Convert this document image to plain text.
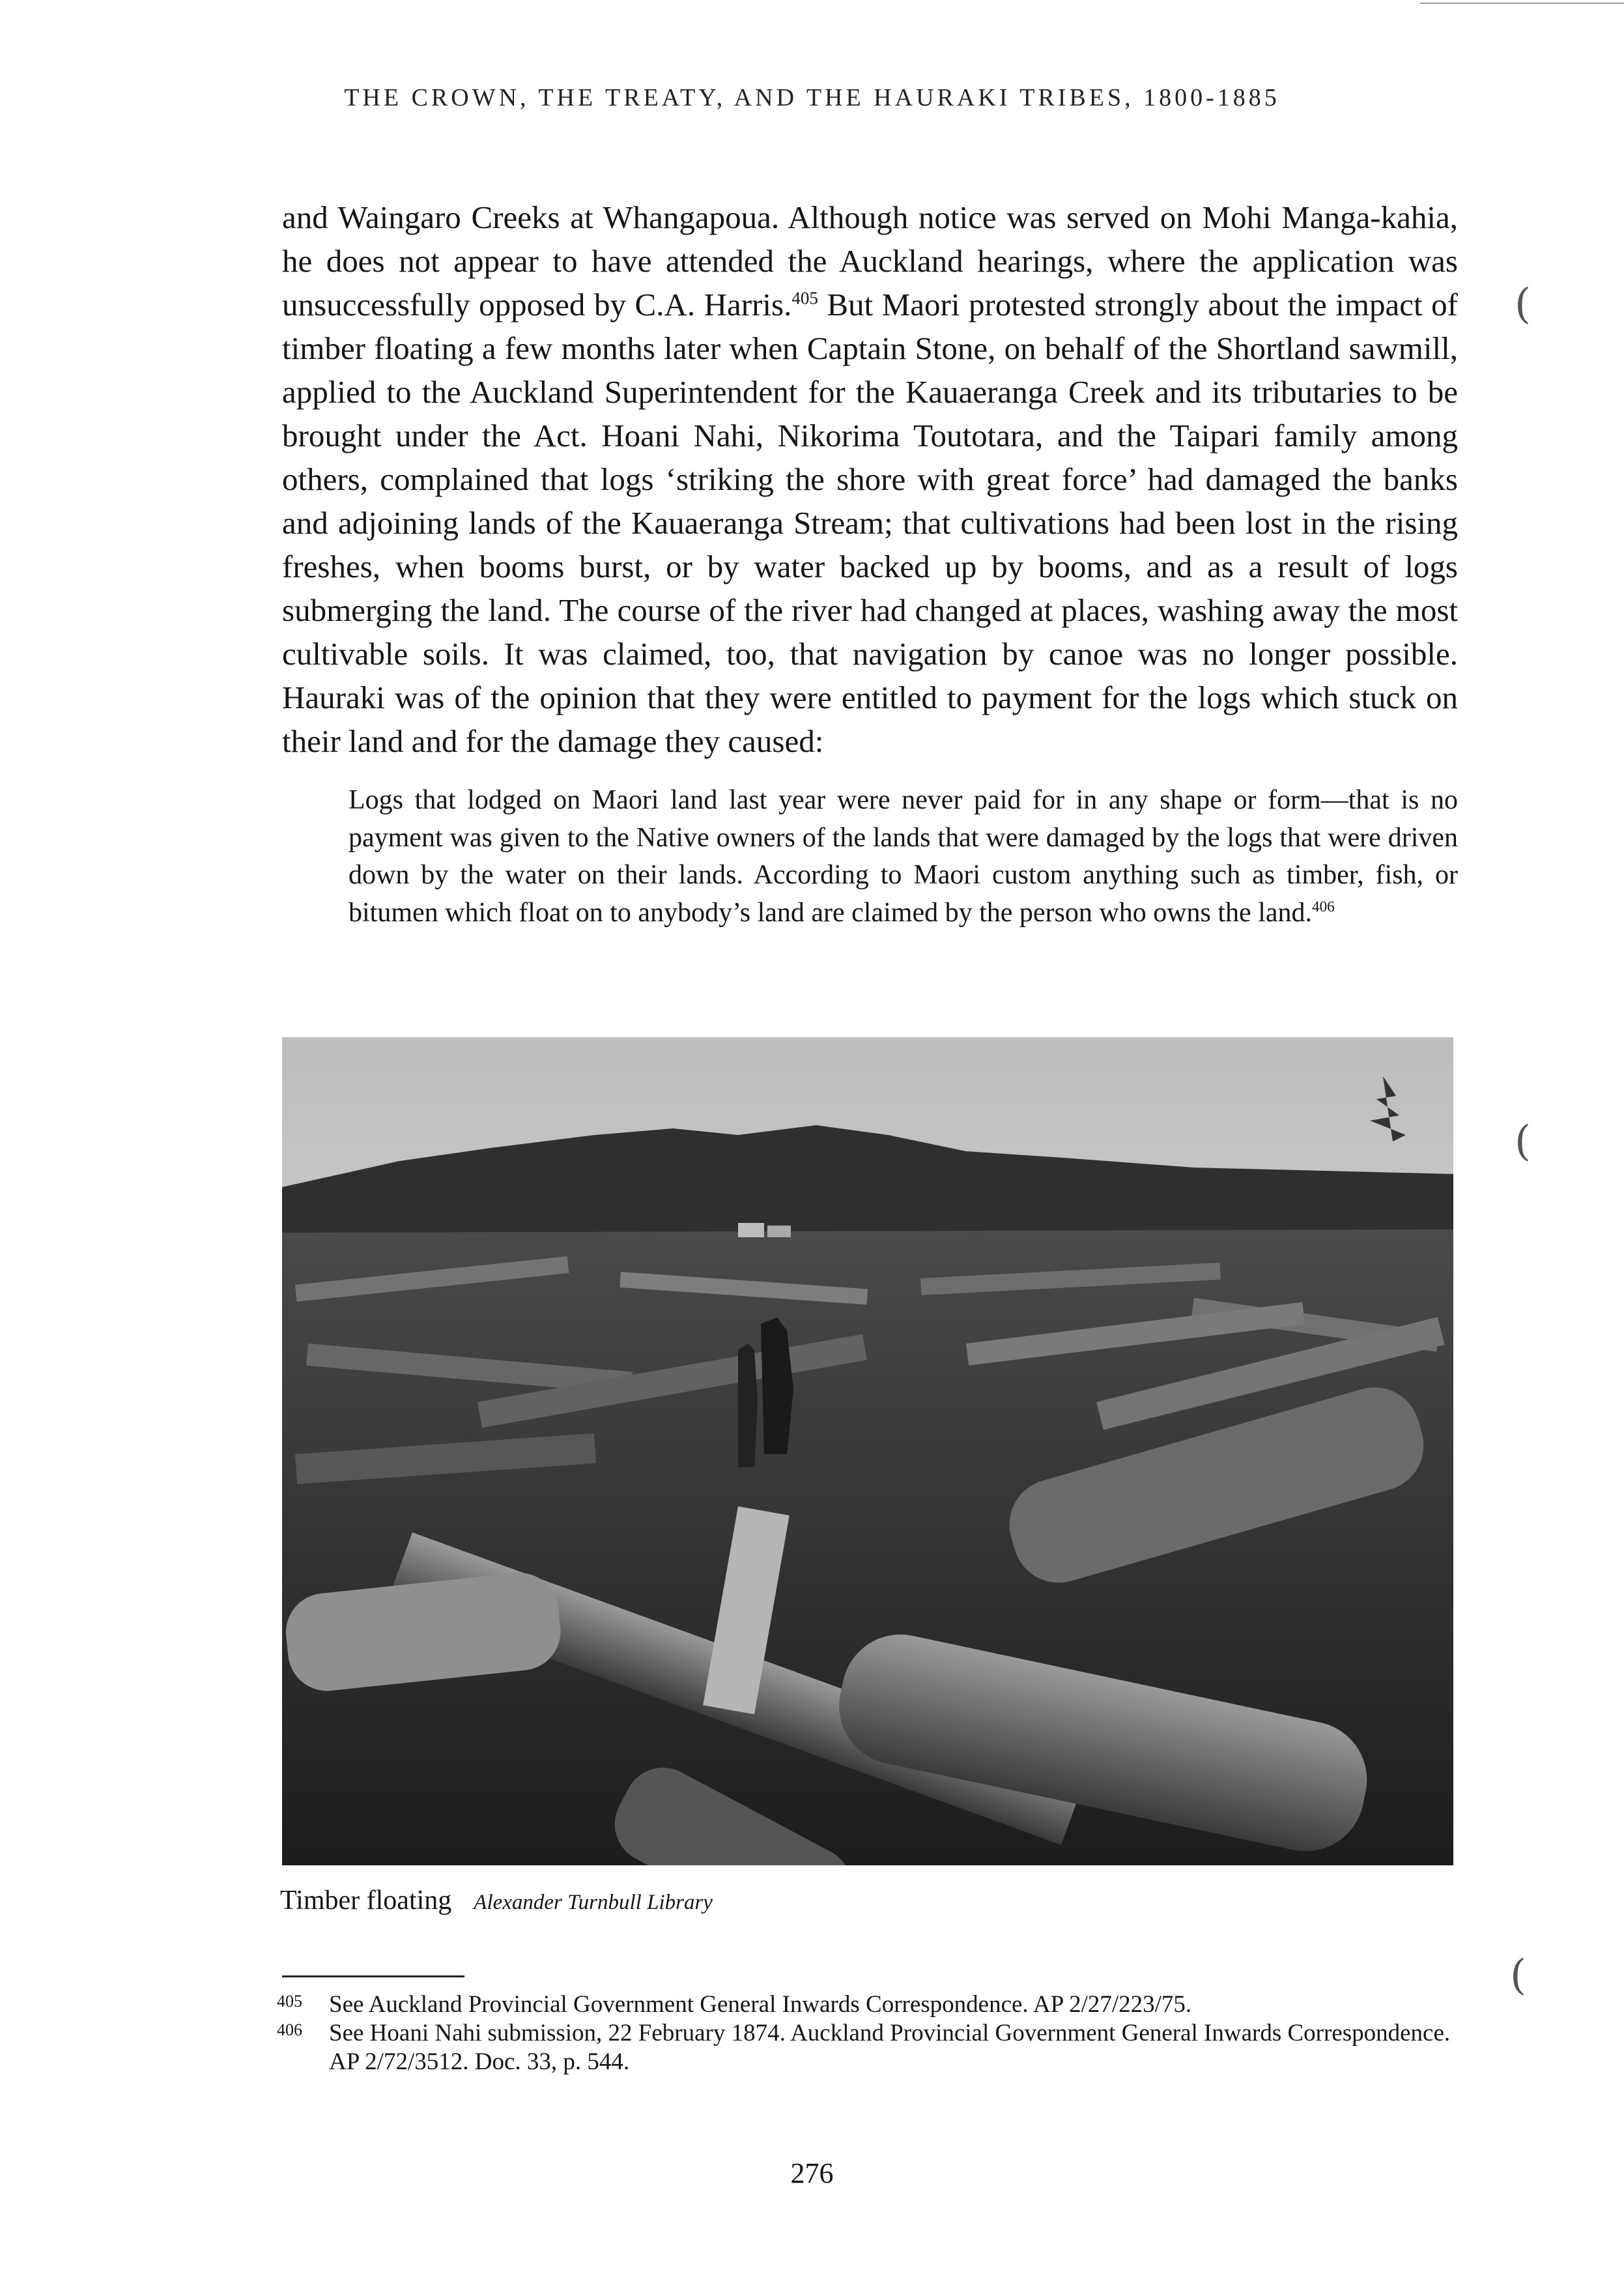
THE CROWN, THE TREATY, AND THE HAURAKI TRIBES, 1800-1885

and Waingaro Creeks at Whangapoua. Although notice was served on Mohi Manga-kahia, he does not appear to have attended the Auckland hearings, where the application was unsuccessfully opposed by C.A. Harris.$^{405}$ But Maori protested strongly about the impact of timber floating a few months later when Captain Stone, on behalf of the Shortland sawmill, applied to the Auckland Superintendent for the Kauaeranga Creek and its tributaries to be brought under the Act. Hoani Nahi, Nikorima Toutotara, and the Taipari family among others, complained that logs ‘striking the shore with great force’ had damaged the banks and adjoining lands of the Kauaeranga Stream; that cultivations had been lost in the rising freshes, when booms burst, or by water backed up by booms, and as a result of logs submerging the land. The course of the river had changed at places, washing away the most cultivable soils. It was claimed, too, that navigation by canoe was no longer possible. Hauraki was of the opinion that they were entitled to payment for the logs which stuck on their land and for the damage they caused:

Logs that lodged on Maori land last year were never paid for in any shape or form—that is no payment was given to the Native owners of the lands that were damaged by the logs that were driven down by the water on their lands. According to Maori custom anything such as timber, fish, or bitumen which float on to anybody’s land are claimed by the person who owns the land.$^{406}$

(
(
(
Timber floating Alexander Turnbull Library
405	See Auckland Provincial Government General Inwards Correspondence. AP 2/27/223/75.
406	See Hoani Nahi submission, 22 February 1874. Auckland Provincial Government General Inwards Correspondence. AP 2/72/3512. Doc. 33, p. 544.
276
